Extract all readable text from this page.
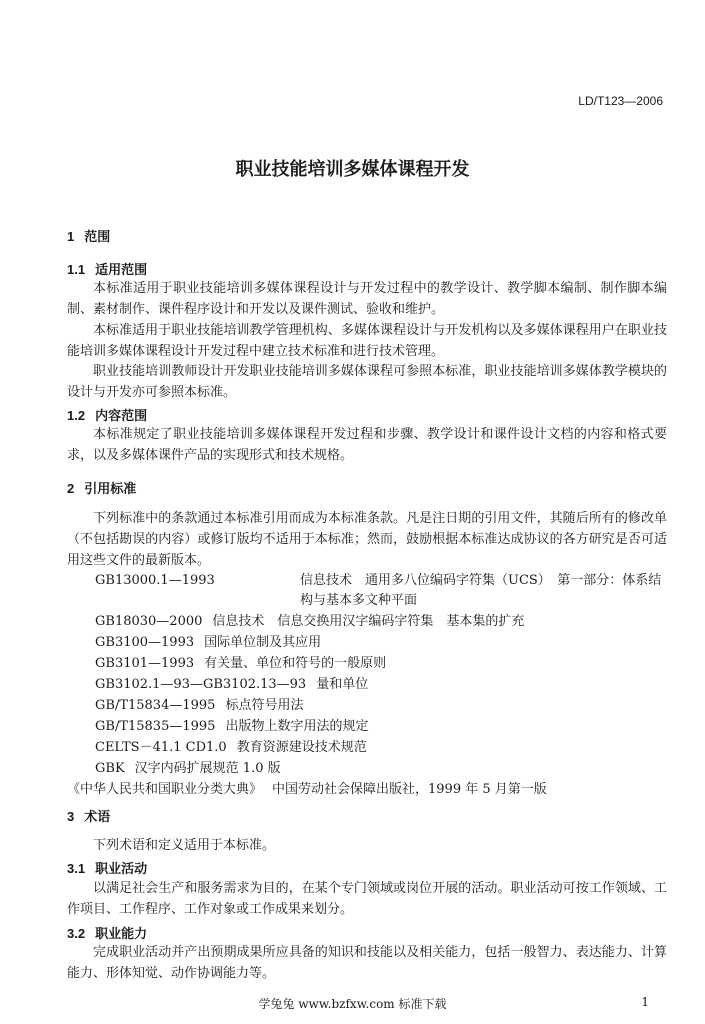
LD/T123—2006
职业技能培训多媒体课程开发
1 范围
1.1 适用范围
本标准适用于职业技能培训多媒体课程设计与开发过程中的教学设计、教学脚本编制、制作脚本编制、素材制作、课件程序设计和开发以及课件测试、验收和维护。
本标准适用于职业技能培训教学管理机构、多媒体课程设计与开发机构以及多媒体课程用户在职业技能培训多媒体课程设计开发过程中建立技术标准和进行技术管理。
职业技能培训教师设计开发职业技能培训多媒体课程可参照本标准，职业技能培训多媒体教学模块的设计与开发亦可参照本标准。
1.2 内容范围
本标准规定了职业技能培训多媒体课程开发过程和步骤、教学设计和课件设计文档的内容和格式要求，以及多媒体课件产品的实现形式和技术规格。
2 引用标准
下列标准中的条款通过本标准引用而成为本标准条款。凡是注日期的引用文件，其随后所有的修改单（不包括勘误的内容）或修订版均不适用于本标准；然而，鼓励根据本标准达成协议的各方研究是否可适用这些文件的最新版本。
GB13000.1—1993	信息技术　通用多八位编码字符集（UCS）　第一部分：体系结构与基本多文种平面
GB18030—2000 信息技术　信息交换用汉字编码字符集　基本集的扩充
GB3100—1993 国际单位制及其应用
GB3101—1993 有关量、单位和符号的一般原则
GB3102.1—93—GB3102.13—93 量和单位
GB/T15834—1995 标点符号用法
GB/T15835—1995 出版物上数字用法的规定
CELTS－41.1 CD1.0 教育资源建设技术规范
GBK 汉字内码扩展规范 1.0 版
《中华人民共和国职业分类大典》 中国劳动社会保障出版社，1999 年 5 月第一版
3 术语
下列术语和定义适用于本标准。
3.1 职业活动
以满足社会生产和服务需求为目的，在某个专门领域或岗位开展的活动。职业活动可按工作领域、工作项目、工作程序、工作对象或工作成果来划分。
3.2 职业能力
完成职业活动并产出预期成果所应具备的知识和技能以及相关能力，包括一般智力、表达能力、计算能力、形体知觉、动作协调能力等。
学兔兔 www.bzfxw.com 标准下载	1
